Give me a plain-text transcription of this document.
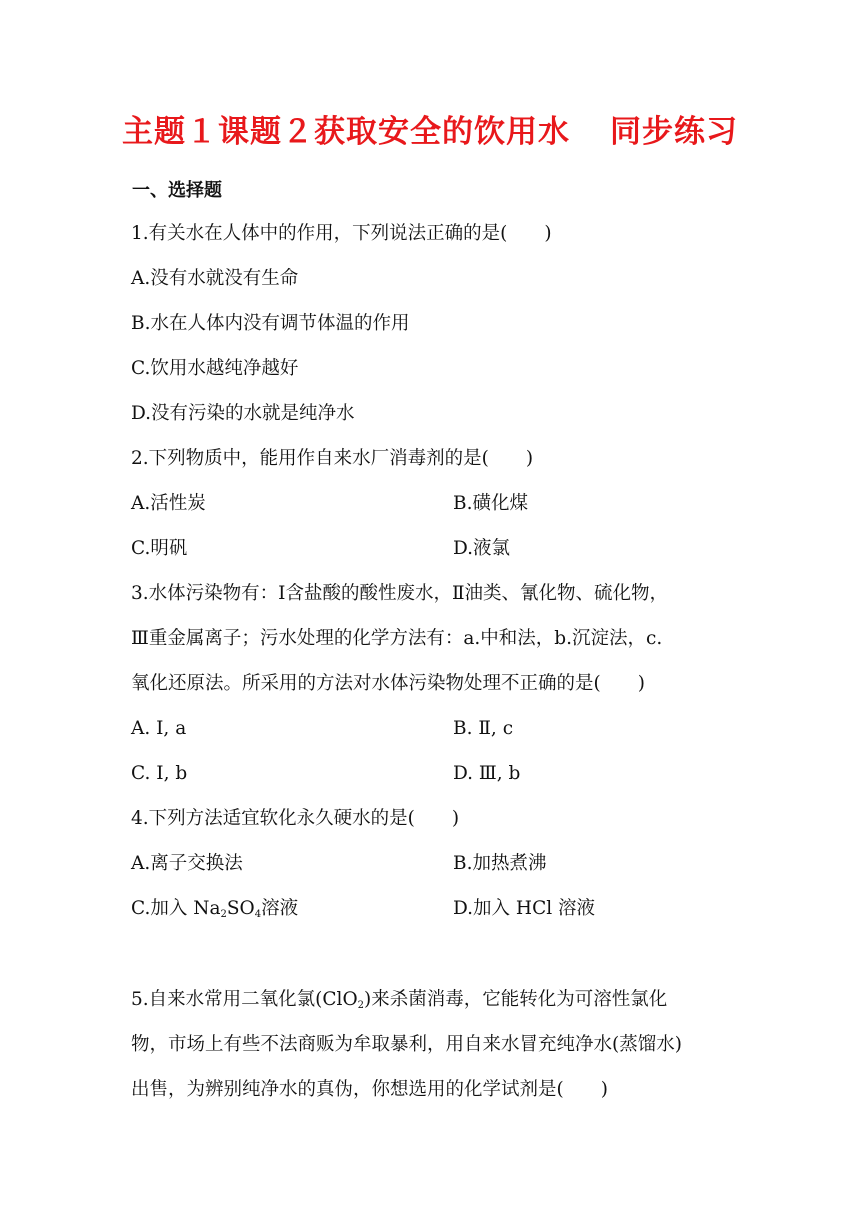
主题１课题２获取安全的饮用水 同步练习
一、选择题
1.有关水在人体中的作用，下列说法正确的是(　　)
A.没有水就没有生命
B.水在人体内没有调节体温的作用
C.饮用水越纯净越好
D.没有污染的水就是纯净水
2.下列物质中，能用作自来水厂消毒剂的是(　　)
A.活性炭	B.磺化煤
C.明矾	D.液氯
3.水体污染物有：Ⅰ含盐酸的酸性废水，Ⅱ油类、氰化物、硫化物，
Ⅲ重金属离子；污水处理的化学方法有：a.中和法，b.沉淀法，c.
氧化还原法。所采用的方法对水体污染物处理不正确的是(　　)
A. Ⅰ, a	B. Ⅱ, c
C. Ⅰ, b	D. Ⅲ, b
4.下列方法适宜软化永久硬水的是(　　)
A.离子交换法	B.加热煮沸
C.加入 $Na_2SO_4$溶液	D.加入 HCl 溶液
5.自来水常用二氧化氯(ClO$_2$)来杀菌消毒，它能转化为可溶性氯化
物，市场上有些不法商贩为牟取暴利，用自来水冒充纯净水(蒸馏水)
出售，为辨别纯净水的真伪，你想选用的化学试剂是(　　)
